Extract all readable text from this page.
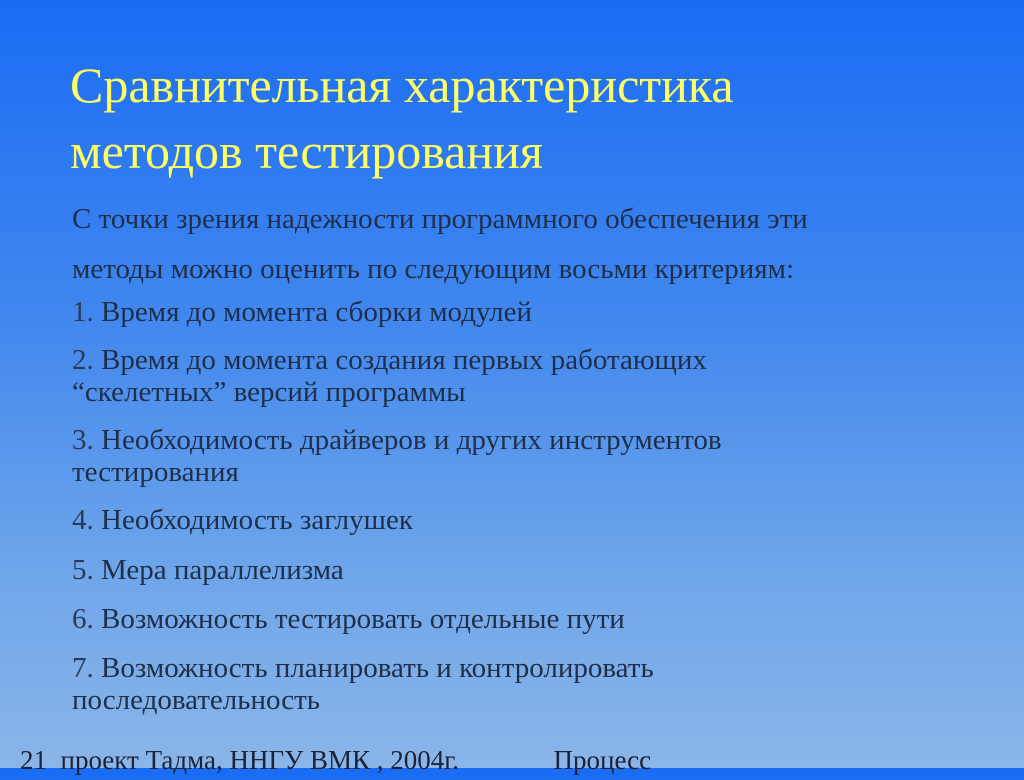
Сравнительная характеристика
методов тестирования

С точки зрения надежности программного обеспечения эти
методы можно оценить по следующим восьми критериям:

1. Время до момента сборки модулей
2. Время до момента создания первых работающих
“скелетных” версий программы
3. Необходимость драйверов и других инструментов
тестирования
4. Необходимость заглушек
5. Мера параллелизма
6. Возможность тестировать отдельные пути
7. Возможность планировать и контролировать
последовательность
21  проект Тадма, ННГУ ВМК , 2004г.              Процесс
